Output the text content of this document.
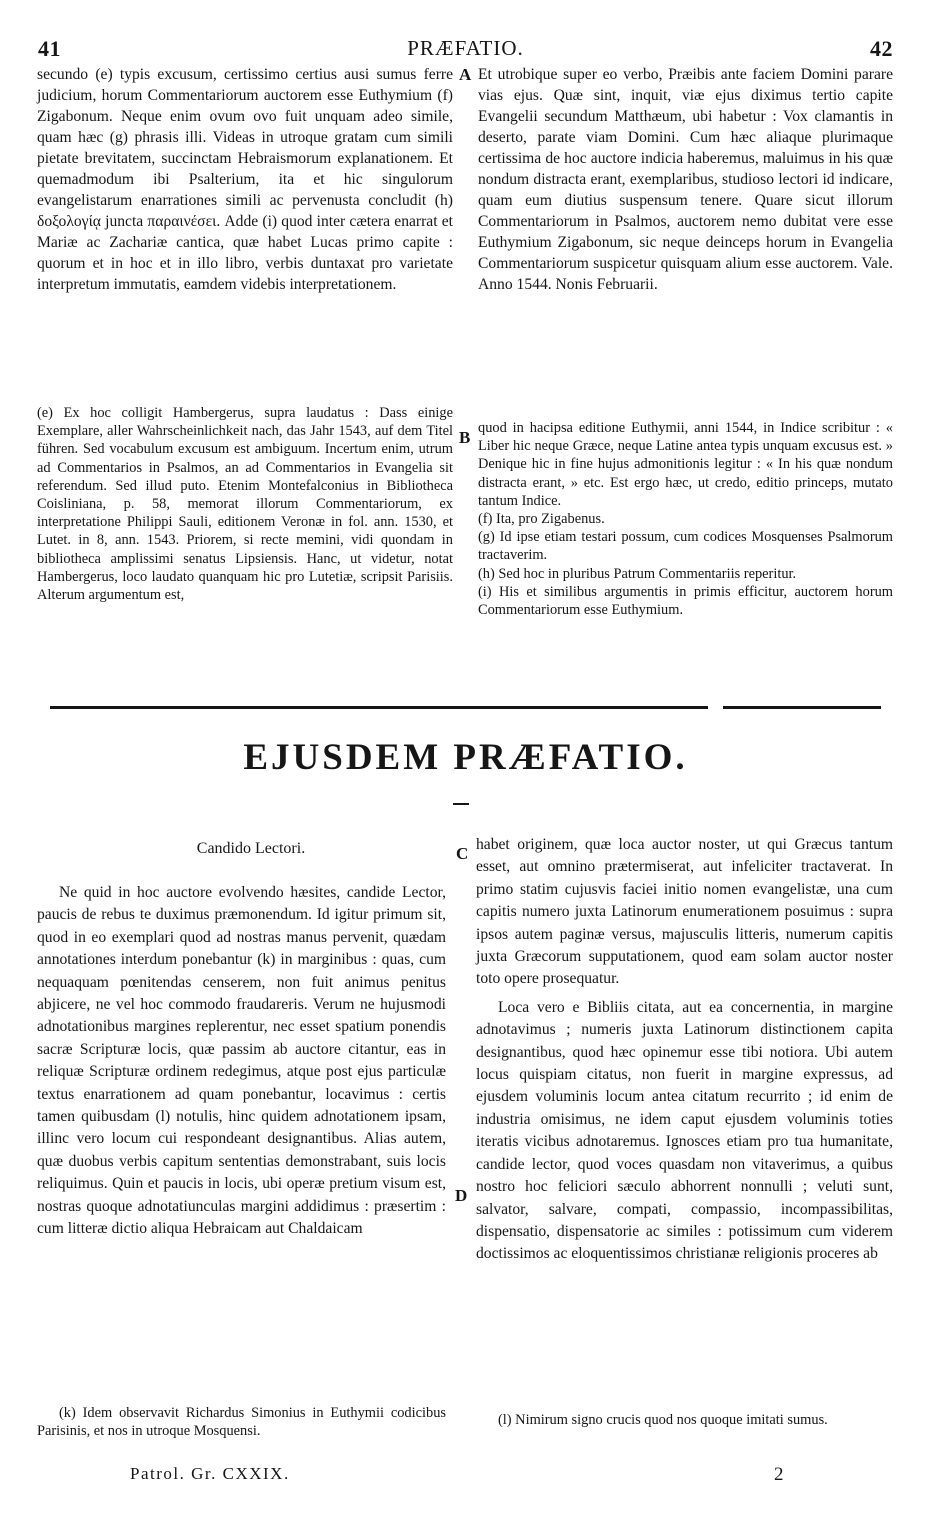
41	PRÆFATIO.	42

secundo (e) typis excusum, certissimo certius ausi sumus ferre judicium, horum Commentariorum auctorem esse Euthymium (f) Zigabonum. Neque enim ovum ovo fuit unquam adeo simile, quam hæc (g) phrasis illi. Videas in utroque gratam cum simili pietate brevitatem, succinctam Hebraismorum explanationem. Et quemadmodum ibi Psalterium, ita et hic singulorum evangelistarum enarrationes simili ac pervenusta concludit (h) δοξολογίᾳ juncta παραινέσει. Adde (i) quod inter cætera enarrat et Mariæ ac Zachariæ cantica, quæ habet Lucas primo capite : quorum et in hoc et in illo libro, verbis duntaxat pro varietate interpretum immutatis, eamdem videbis interpretationem.

A Et utrobique super eo verbo, Præibis ante faciem Domini parare vias ejus. Quæ sint, inquit, viæ ejus diximus tertio capite Evangelii secundum Matthæum, ubi habetur : Vox clamantis in deserto, parate viam Domini. Cum hæc aliaque plurimaque certissima de hoc auctore indicia haberemus, maluimus in his quæ nondum distracta erant, exemplaribus, studioso lectori id indicare, quam eum diutius suspensum tenere. Quare sicut illorum Commentariorum in Psalmos, auctorem nemo dubitat vere esse Euthymium Zigabonum, sic neque deinceps horum in Evangelia Commentariorum suspicetur quisquam alium esse auctorem. Vale. Anno 1544. Nonis Februarii.

(e) Ex hoc colligit Hambergerus, supra laudatus : Dass einige Exemplare, aller Wahrscheinlichkeit nach, das Jahr 1543, auf dem Titel führen. Sed vocabulum excusum est ambiguum. Incertum enim, utrum ad Commentarios in Psalmos, an ad Commentarios in Evangelia sit referendum. Sed illud puto. Etenim Montefalconius in Bibliotheca Coisliniana, p. 58, memorat illorum Commentariorum, ex interpretatione Philippi Sauli, editionem Veronæ in fol. ann. 1530, et Lutet. in 8, ann. 1543. Priorem, si recte memini, vidi quondam in bibliotheca amplissimi senatus Lipsiensis. Hanc, ut videtur, notat Hambergerus, loco laudato quanquam hic pro Lutetiæ, scripsit Parisiis. Alterum argumentum est,

B quod in hacipsa editione Euthymii, anni 1544, in Indice scribitur : « Liber hic neque Græce, neque Latine antea typis unquam excusus est. » Denique hic in fine hujus admonitionis legitur : « In his quæ nondum distracta erant, » etc. Est ergo hæc, ut credo, editio princeps, mutato tantum Indice.

(f) Ita, pro Zigabenus.

(g) Id ipse etiam testari possum, cum codices Mosquenses Psalmorum tractaverim.

(h) Sed hoc in pluribus Patrum Commentariis reperitur.

(i) His et similibus argumentis in primis efficitur, auctorem horum Commentariorum esse Euthymium.

EJUSDEM PRÆFATIO.
Candido Lectori.

Ne quid in hoc auctore evolvendo hæsites, candide Lector, paucis de rebus te duximus præmonendum. Id igitur primum sit, quod in eo exemplari quod ad nostras manus pervenit, quædam annotationes interdum ponebantur (k) in marginibus : quas, cum nequaquam pœnitendas censerem, non fuit animus penitus abjicere, ne vel hoc commodo fraudareris. Verum ne hujusmodi adnotationibus margines replerentur, nec esset spatium ponendis sacræ Scripturæ locis, quæ passim ab auctore citantur, eas in reliquæ Scripturæ ordinem redegimus, atque post ejus particulæ textus enarrationem ad quam ponebantur, locavimus : certis tamen quibusdam (l) notulis, hinc quidem adnotationem ipsam, illinc vero locum cui respondeant designantibus. Alias autem, quæ duobus verbis capitum sententias demonstrabant, suis locis reliquimus. Quin et paucis in locis, ubi operæ pretium visum est, nostras quoque adnotatiunculas margini addidimus : præsertim : cum litteræ dictio aliqua Hebraicam aut Chaldaicam

C
D

habet originem, quæ loca auctor noster, ut qui Græcus tantum esset, aut omnino prætermiserat, aut infeliciter tractaverat. In primo statim cujusvis faciei initio nomen evangelistæ, una cum capitis numero juxta Latinorum enumerationem posuimus : supra ipsos autem paginæ versus, majusculis litteris, numerum capitis juxta Græcorum supputationem, quod eam solam auctor noster toto opere prosequatur.

Loca vero e Bibliis citata, aut ea concernentia, in margine adnotavimus ; numeris juxta Latinorum distinctionem capita designantibus, quod hæc opinemur esse tibi notiora. Ubi autem locus quispiam citatus, non fuerit in margine expressus, ad ejusdem voluminis locum antea citatum recurrito ; id enim de industria omisimus, ne idem caput ejusdem voluminis toties iteratis vicibus adnotaremus. Ignosces etiam pro tua humanitate, candide lector, quod voces quasdam non vitaverimus, a quibus nostro hoc feliciori sæculo abhorrent nonnulli ; veluti sunt, salvator, salvare, compati, compassio, incompassibilitas, dispensatio, dispensatorie ac similes : potissimum cum viderem doctissimos ac eloquentissimos christianæ religionis proceres ab

(k) Idem observavit Richardus Simonius in Euthymii codicibus Parisinis, et nos in utroque Mosquensi.

(l) Nimirum signo crucis quod nos quoque imitati sumus.

Patrol. Gr. CXXIX.	2
